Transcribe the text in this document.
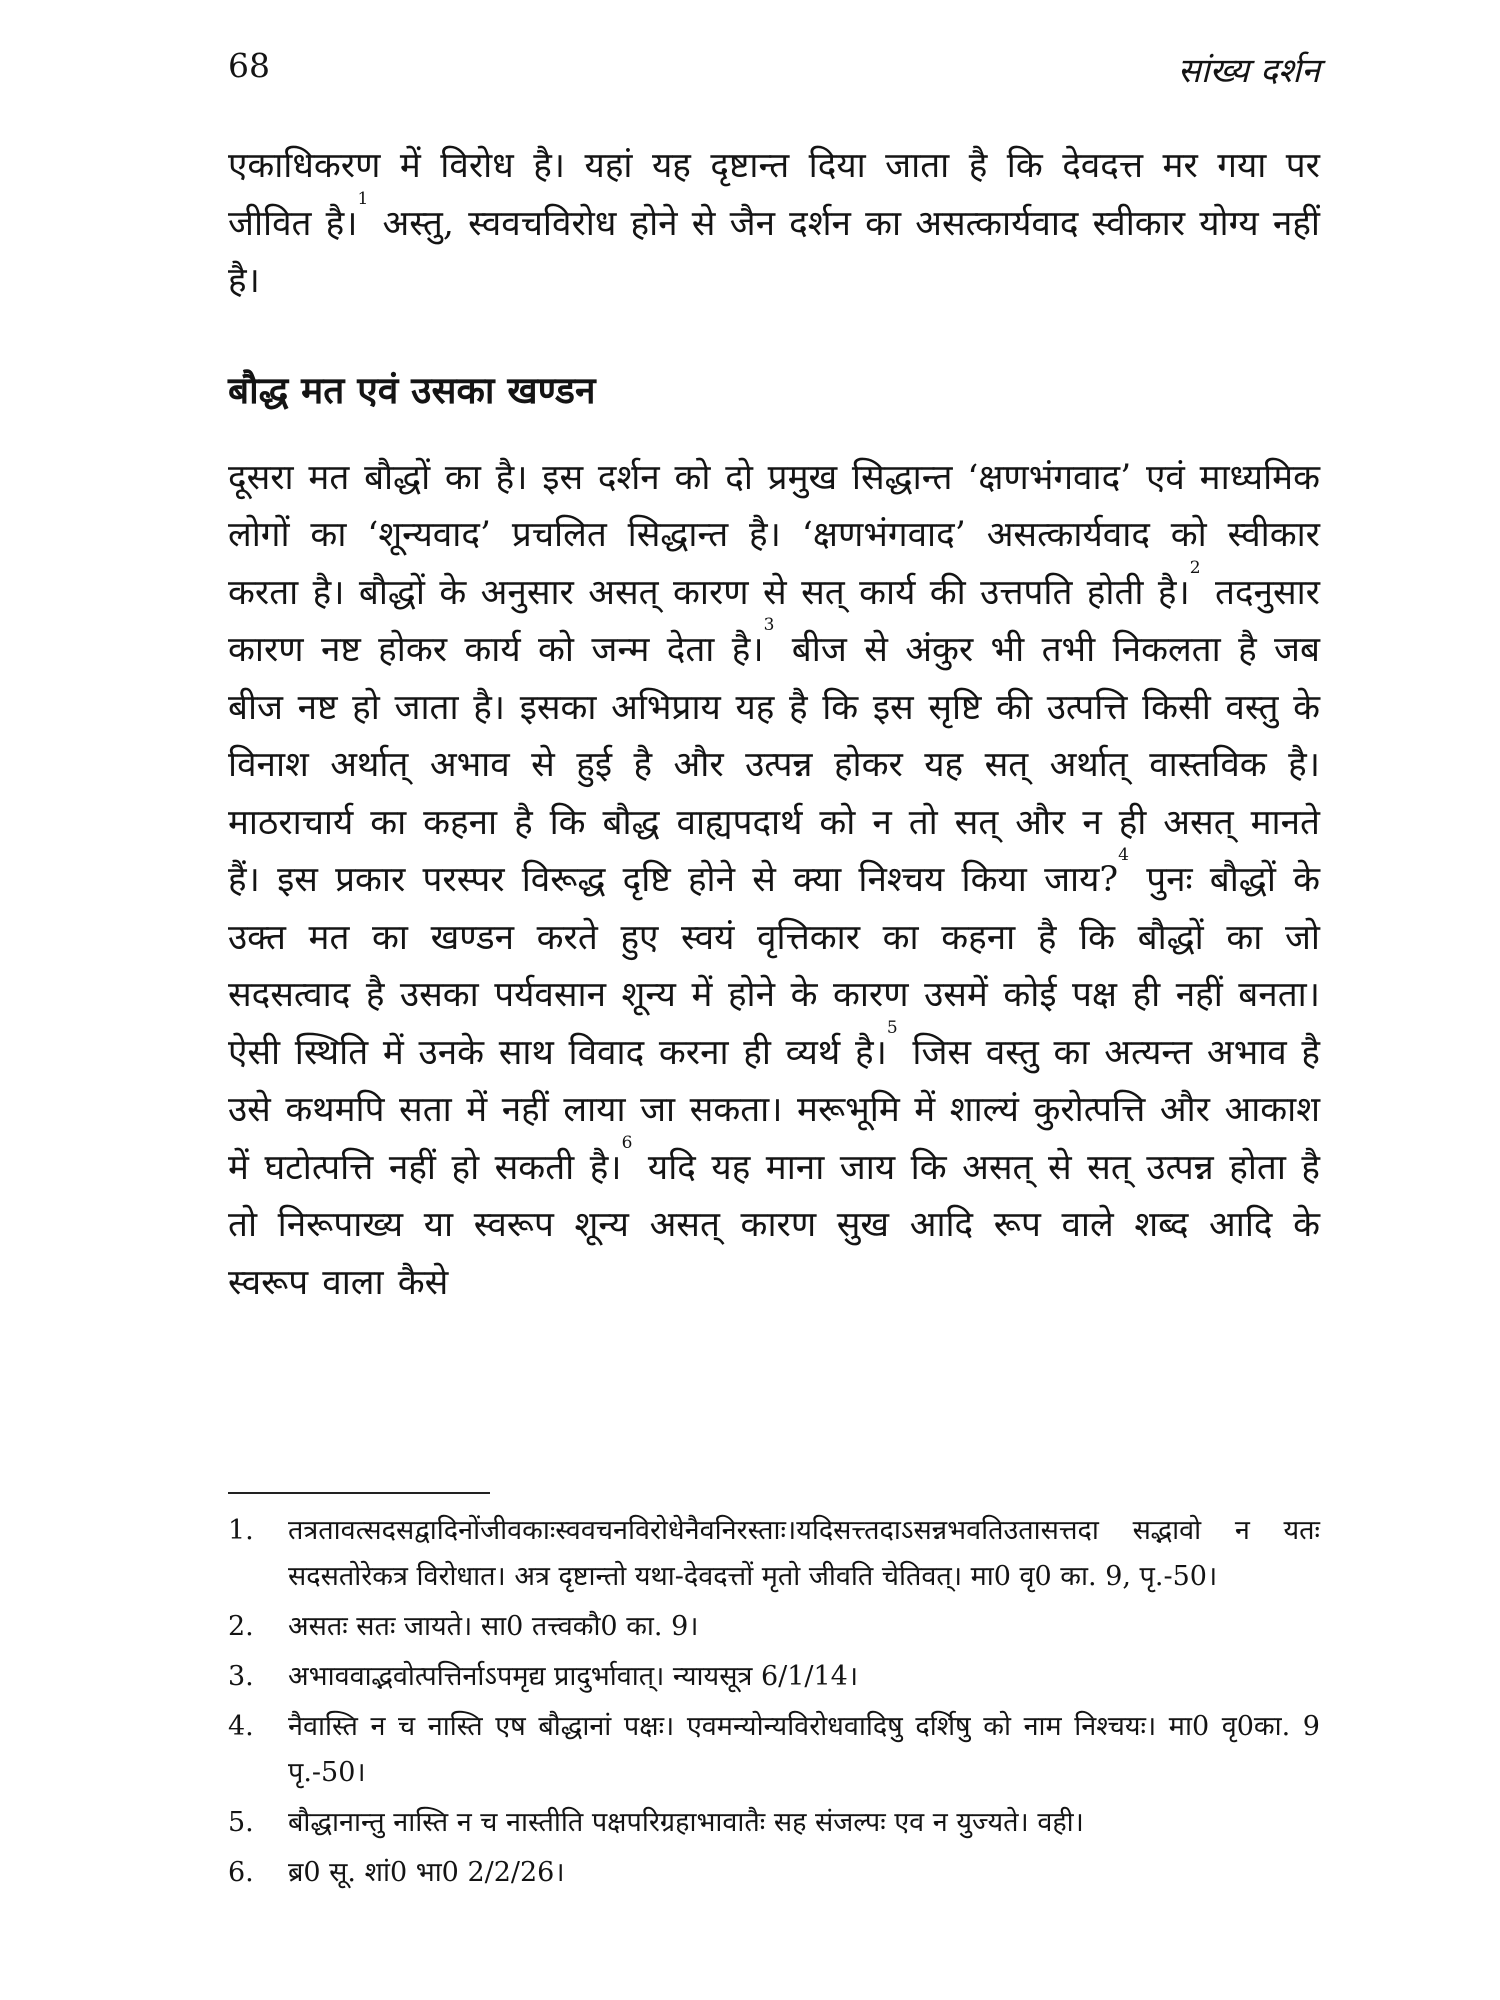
68	सांख्य दर्शन

एकाधिकरण में विरोध है। यहां यह दृष्टान्त दिया जाता है कि देवदत्त मर गया पर जीवित है।$^1$ अस्तु, स्ववचविरोध होने से जैन दर्शन का असत्कार्यवाद स्वीकार योग्य नहीं है।

बौद्ध मत एवं उसका खण्डन

दूसरा मत बौद्धों का है। इस दर्शन को दो प्रमुख सिद्धान्त ‘क्षणभंगवाद’ एवं माध्यमिक लोगों का ‘शून्यवाद’ प्रचलित सिद्धान्त है। ‘क्षणभंगवाद’ असत्कार्यवाद को स्वीकार करता है। बौद्धों के अनुसार असत् कारण से सत् कार्य की उत्तपति होती है।$^2$ तदनुसार कारण नष्ट होकर कार्य को जन्म देता है।$^3$ बीज से अंकुर भी तभी निकलता है जब बीज नष्ट हो जाता है। इसका अभिप्राय यह है कि इस सृष्टि की उत्पत्ति किसी वस्तु के विनाश अर्थात् अभाव से हुई है और उत्पन्न होकर यह सत् अर्थात् वास्तविक है। माठराचार्य का कहना है कि बौद्ध वाह्यपदार्थ को न तो सत् और न ही असत् मानते हैं। इस प्रकार परस्पर विरूद्ध दृष्टि होने से क्या निश्चय किया जाय?$^4$ पुनः बौद्धों के उक्त मत का खण्डन करते हुए स्वयं वृत्तिकार का कहना है कि बौद्धों का जो सदसत्वाद है उसका पर्यवसान शून्य में होने के कारण उसमें कोई पक्ष ही नहीं बनता। ऐसी स्थिति में उनके साथ विवाद करना ही व्यर्थ है।$^5$ जिस वस्तु का अत्यन्त अभाव है उसे कथमपि सता में नहीं लाया जा सकता। मरूभूमि में शाल्यं कुरोत्पत्ति और आकाश में घटोत्पत्ति नहीं हो सकती है।$^6$ यदि यह माना जाय कि असत् से सत् उत्पन्न होता है तो निरूपाख्य या स्वरूप शून्य असत् कारण सुख आदि रूप वाले शब्द आदि के स्वरूप वाला कैसे

1.	तत्रतावत्सदसद्वादिनोंजीवकाःस्ववचनविरोधेनैवनिरस्ताः।यदिसत्त्तदाऽसन्नभवतिउतासत्तदा सद्भावो न यतः सदसतोरेकत्र विरोधात। अत्र दृष्टान्तो यथा-देवदत्तों मृतो जीवति चेतिवत्। मा0 वृ0 का. 9, पृ.-50।
2.	असतः सतः जायते। सा0 तत्त्वकौ0 का. 9।
3.	अभाववाद्भवोत्पत्तिर्नाऽपमृद्य प्रादुर्भावात्। न्यायसूत्र 6/1/14।
4.	नैवास्ति न च नास्ति एष बौद्धानां पक्षः। एवमन्योन्यविरोधवादिषु दर्शिषु को नाम निश्चयः। मा0 वृ0का. 9 पृ.-50।
5.	बौद्धानान्तु नास्ति न च नास्तीति पक्षपरिग्रहाभावातैः सह संजल्पः एव न युज्यते। वही।
6.	ब्र0 सू. शां0 भा0 2/2/26।
